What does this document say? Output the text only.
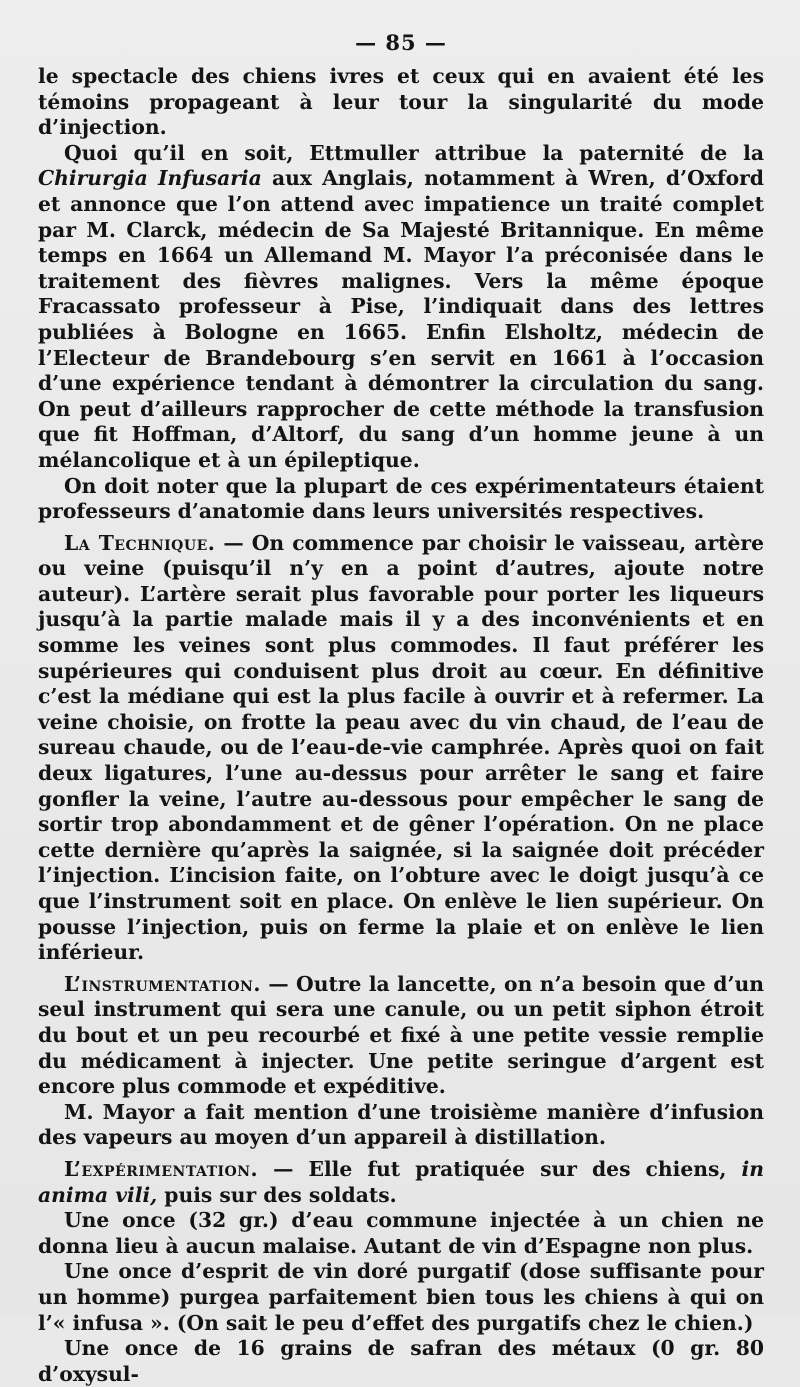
— 85 —

le spectacle des chiens ivres et ceux qui en avaient été les témoins propageant à leur tour la singularité du mode d’injection.

Quoi qu’il en soit, Ettmuller attribue la paternité de la Chirurgia Infusaria aux Anglais, notamment à Wren, d’Oxford et annonce que l’on attend avec impatience un traité complet par M. Clarck, médecin de Sa Majesté Britannique. En même temps en 1664 un Allemand M. Mayor l’a préconisée dans le traitement des fièvres malignes. Vers la même époque Fracassato professeur à Pise, l’indiquait dans des lettres publiées à Bologne en 1665. Enfin Elsholtz, médecin de l’Electeur de Brandebourg s’en servit en 1661 à l’occasion d’une expérience tendant à démontrer la circulation du sang. On peut d’ailleurs rapprocher de cette méthode la transfusion que fit Hoffman, d’Altorf, du sang d’un homme jeune à un mélancolique et à un épileptique.

On doit noter que la plupart de ces expérimentateurs étaient professeurs d’anatomie dans leurs universités respectives.

La Technique. — On commence par choisir le vaisseau, artère ou veine (puisqu’il n’y en a point d’autres, ajoute notre auteur). L’artère serait plus favorable pour porter les liqueurs jusqu’à la partie malade mais il y a des inconvénients et en somme les veines sont plus commodes. Il faut préférer les supérieures qui conduisent plus droit au cœur. En définitive c’est la médiane qui est la plus facile à ouvrir et à refermer. La veine choisie, on frotte la peau avec du vin chaud, de l’eau de sureau chaude, ou de l’eau-de-vie camphrée. Après quoi on fait deux ligatures, l’une au-dessus pour arrêter le sang et faire gonfler la veine, l’autre au-dessous pour empêcher le sang de sortir trop abondamment et de gêner l’opération. On ne place cette dernière qu’après la saignée, si la saignée doit précéder l’injection. L’incision faite, on l’obture avec le doigt jusqu’à ce que l’instrument soit en place. On enlève le lien supérieur. On pousse l’injection, puis on ferme la plaie et on enlève le lien inférieur.

L’instrumentation. — Outre la lancette, on n’a besoin que d’un seul instrument qui sera une canule, ou un petit siphon étroit du bout et un peu recourbé et fixé à une petite vessie remplie du médicament à injecter. Une petite seringue d’argent est encore plus commode et expéditive.

M. Mayor a fait mention d’une troisième manière d’infusion des vapeurs au moyen d’un appareil à distillation.

L’expérimentation. — Elle fut pratiquée sur des chiens, in anima vili, puis sur des soldats.

Une once (32 gr.) d’eau commune injectée à un chien ne donna lieu à aucun malaise. Autant de vin d’Espagne non plus.

Une once d’esprit de vin doré purgatif (dose suffisante pour un homme) purgea parfaitement bien tous les chiens à qui on l’« infusa ». (On sait le peu d’effet des purgatifs chez le chien.)

Une once de 16 grains de safran des métaux (0 gr. 80 d’oxysul-
